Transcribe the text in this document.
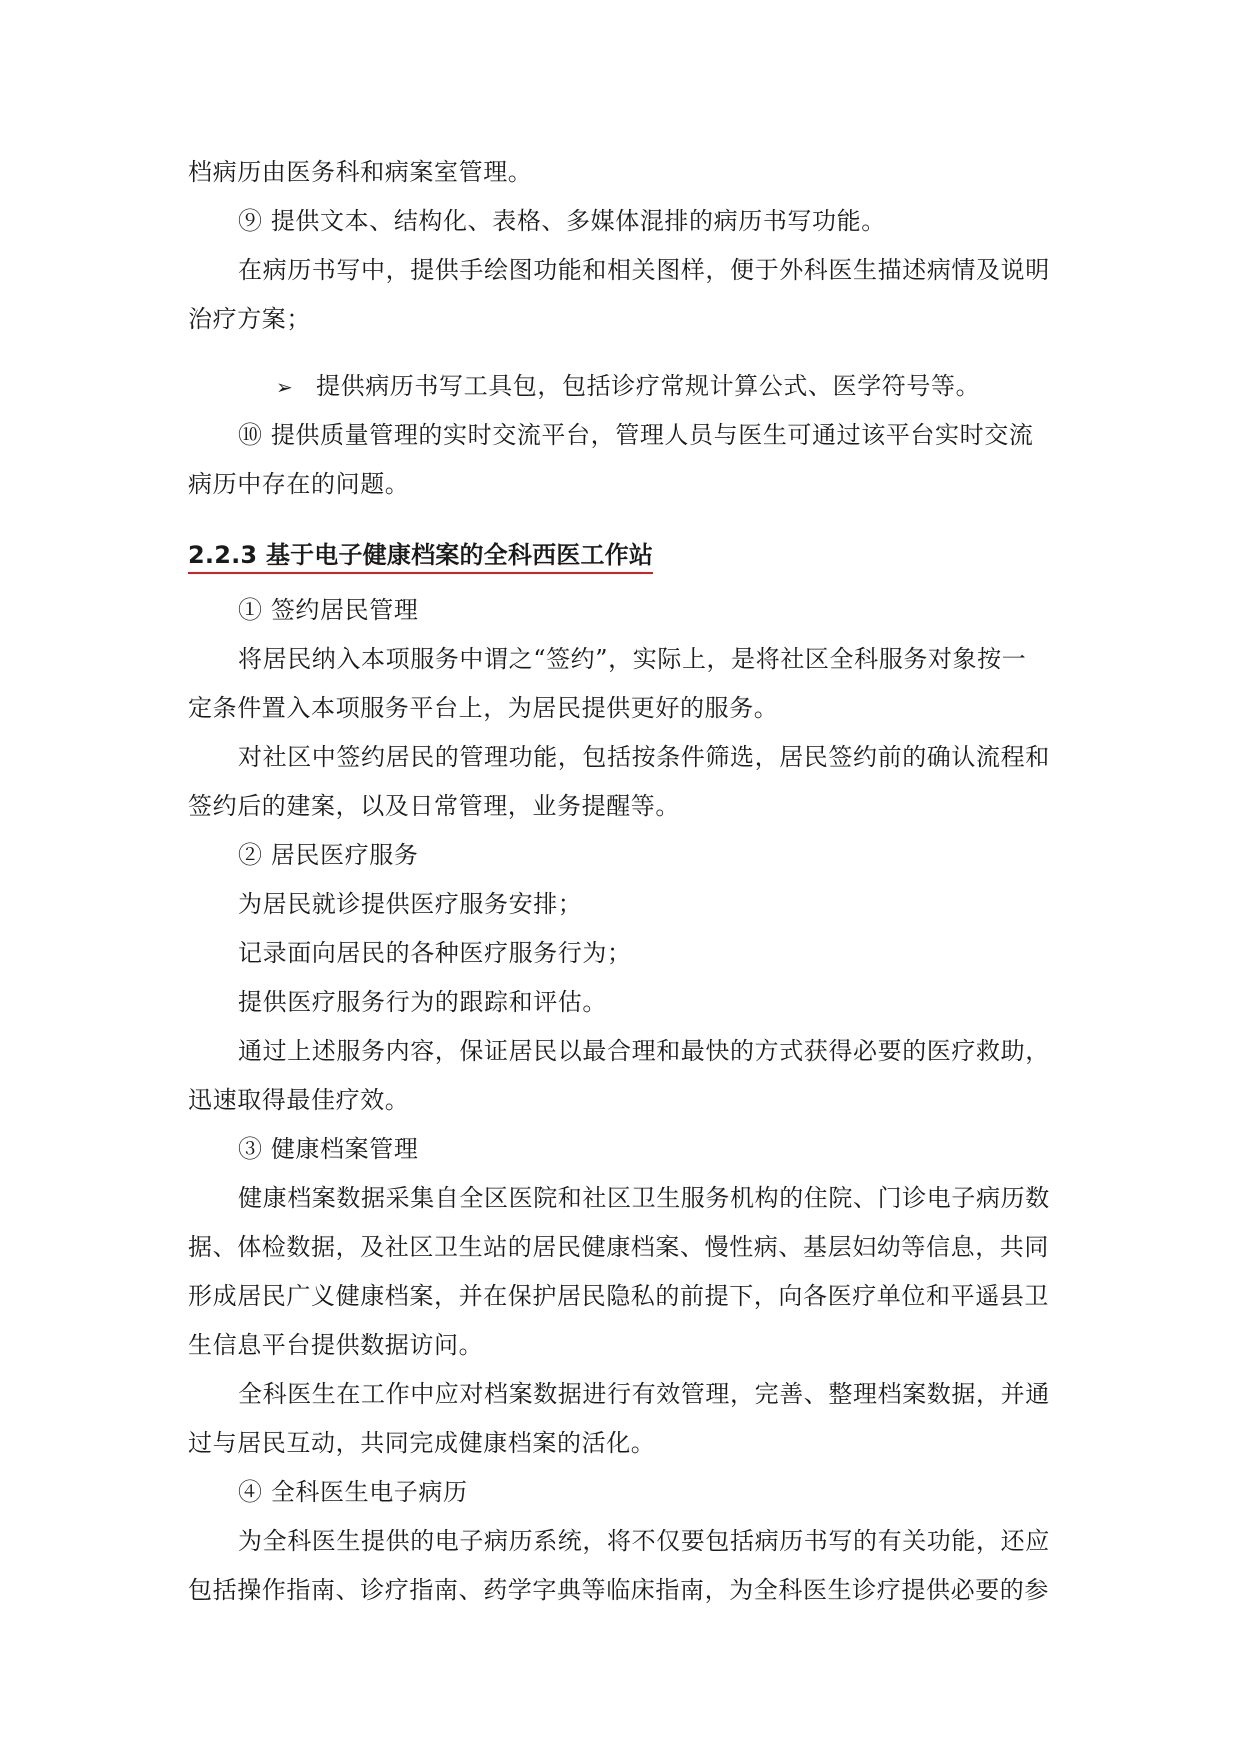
档病历由医务科和病案室管理。
⑨ 提供文本、结构化、表格、多媒体混排的病历书写功能。
在病历书写中，提供手绘图功能和相关图样，便于外科医生描述病情及说明
治疗方案；
➢ 提供病历书写工具包，包括诊疗常规计算公式、医学符号等。
⑩ 提供质量管理的实时交流平台，管理人员与医生可通过该平台实时交流
病历中存在的问题。
2.2.3 基于电子健康档案的全科西医工作站
① 签约居民管理
将居民纳入本项服务中谓之“签约”，实际上，是将社区全科服务对象按一
定条件置入本项服务平台上，为居民提供更好的服务。
对社区中签约居民的管理功能，包括按条件筛选，居民签约前的确认流程和
签约后的建案，以及日常管理，业务提醒等。
② 居民医疗服务
为居民就诊提供医疗服务安排；
记录面向居民的各种医疗服务行为；
提供医疗服务行为的跟踪和评估。
通过上述服务内容，保证居民以最合理和最快的方式获得必要的医疗救助，
迅速取得最佳疗效。
③ 健康档案管理
健康档案数据采集自全区医院和社区卫生服务机构的住院、门诊电子病历数
据、体检数据，及社区卫生站的居民健康档案、慢性病、基层妇幼等信息，共同
形成居民广义健康档案，并在保护居民隐私的前提下，向各医疗单位和平遥县卫
生信息平台提供数据访问。
全科医生在工作中应对档案数据进行有效管理，完善、整理档案数据，并通
过与居民互动，共同完成健康档案的活化。
④ 全科医生电子病历
为全科医生提供的电子病历系统，将不仅要包括病历书写的有关功能，还应
包括操作指南、诊疗指南、药学字典等临床指南，为全科医生诊疗提供必要的参
